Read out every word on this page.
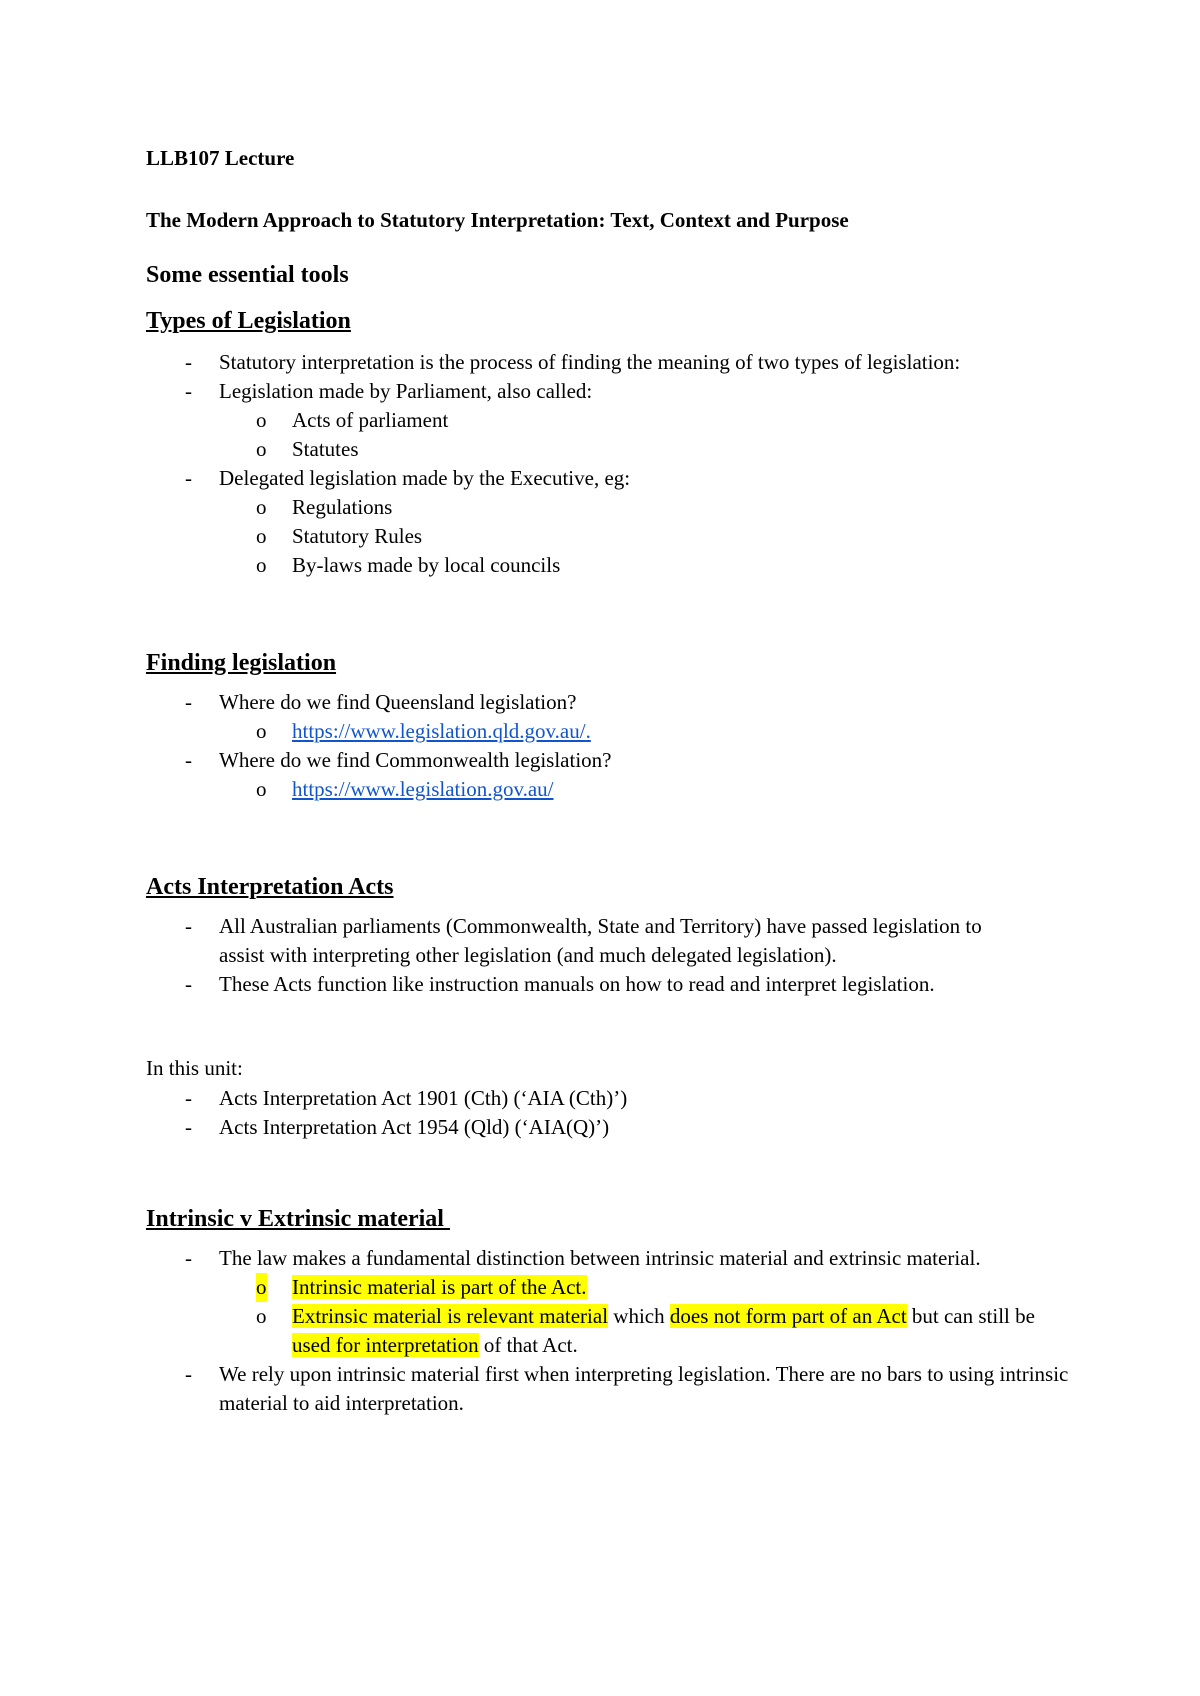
LLB107 Lecture
The Modern Approach to Statutory Interpretation: Text, Context and Purpose
Some essential tools
Types of Legislation
- Statutory interpretation is the process of finding the meaning of two types of legislation:
- Legislation made by Parliament, also called:
o Acts of parliament
o Statutes
- Delegated legislation made by the Executive, eg:
o Regulations
o Statutory Rules
o By-laws made by local councils
Finding legislation
- Where do we find Queensland legislation?
o https://www.legislation.qld.gov.au/.
- Where do we find Commonwealth legislation?
o https://www.legislation.gov.au/
Acts Interpretation Acts
- All Australian parliaments (Commonwealth, State and Territory) have passed legislation to assist with interpreting other legislation (and much delegated legislation).
- These Acts function like instruction manuals on how to read and interpret legislation.
In this unit:
- Acts Interpretation Act 1901 (Cth) (‘AIA (Cth)’)
- Acts Interpretation Act 1954 (Qld) (‘AIA(Q)’)
Intrinsic v Extrinsic material
- The law makes a fundamental distinction between intrinsic material and extrinsic material.
o Intrinsic material is part of the Act.
o Extrinsic material is relevant material which does not form part of an Act but can still be used for interpretation of that Act.
- We rely upon intrinsic material first when interpreting legislation. There are no bars to using intrinsic material to aid interpretation.
